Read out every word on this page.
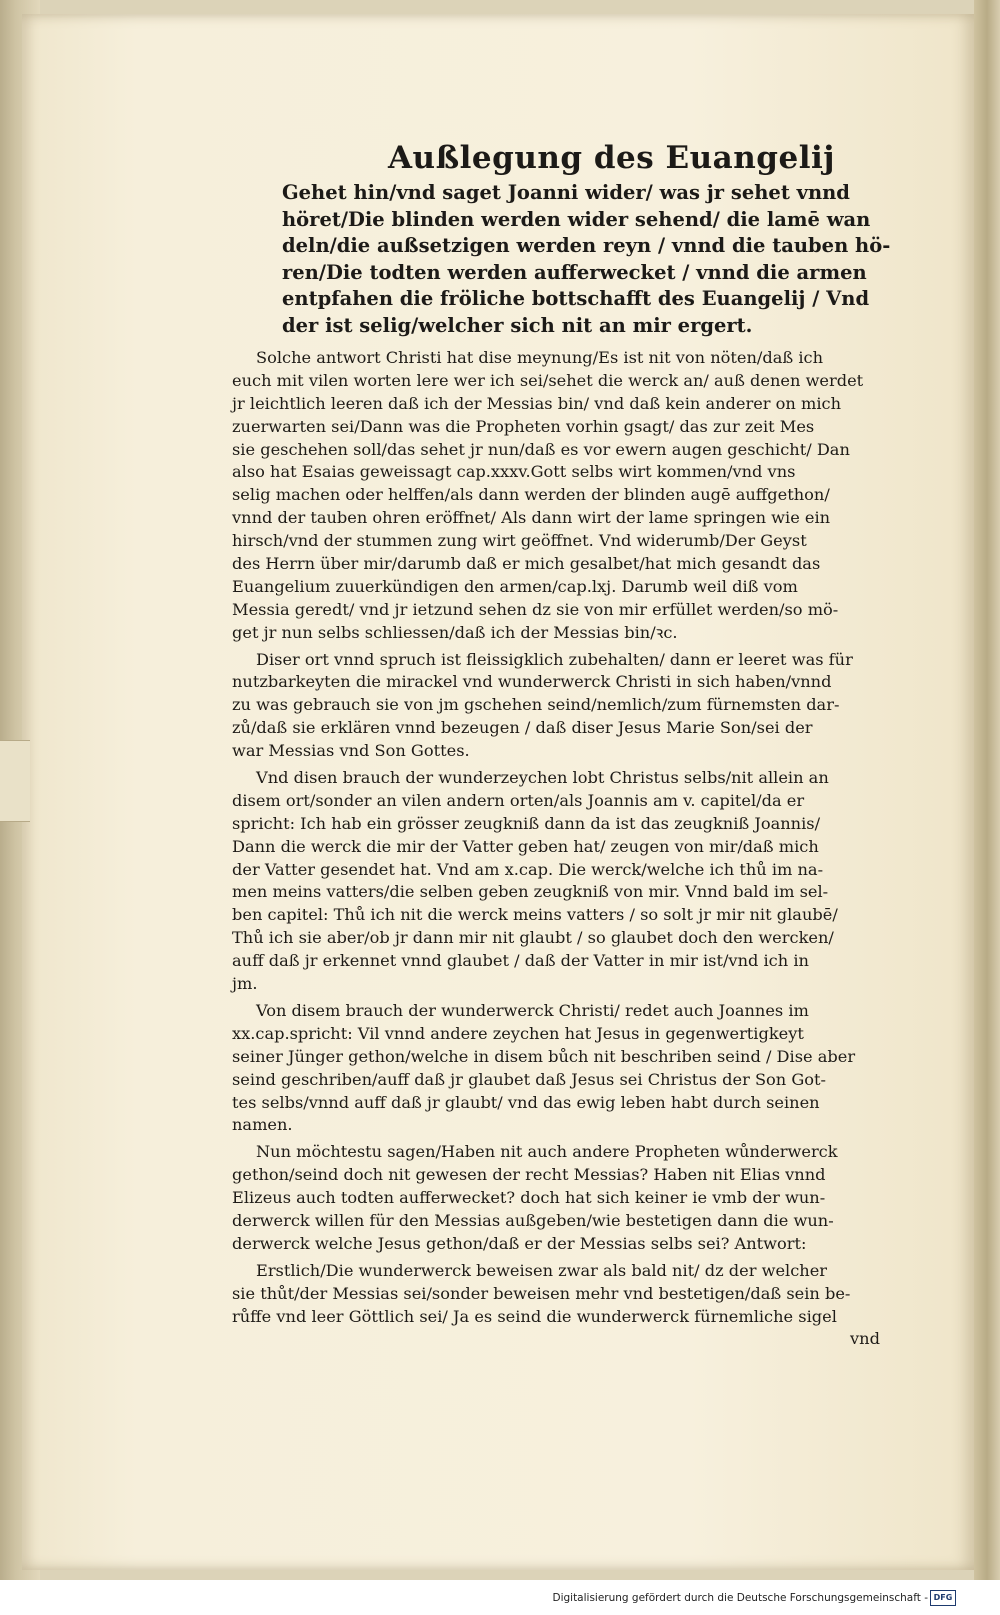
Außlegung des Euangelij
Gehet hin/vnd saget Joanni wider/ was jr sehet vnnd
höret/Die blinden werden wider sehend/ die lamē wan
deln/die außsetzigen werden reyn / vnnd die tauben hö-
ren/Die todten werden aufferwecket / vnnd die armen
entpfahen die fröliche bottschafft des Euangelij / Vnd
der ist selig/welcher sich nit an mir ergert.
Solche antwort Christi hat dise meynung/Es ist nit von nöten/daß ich
euch mit vilen worten lere wer ich sei/sehet die werck an/ auß denen werdet
jr leichtlich leeren daß ich der Messias bin/ vnd daß kein anderer on mich
zuerwarten sei/Dann was die Propheten vorhin gsagt/ das zur zeit Mes
sie geschehen soll/das sehet jr nun/daß es vor ewern augen geschicht/ Dan
also hat Esaias geweissagt cap.xxxv.Gott selbs wirt kommen/vnd vns
selig machen oder helffen/als dann werden der blinden augē auffgethon/
vnnd der tauben ohren eröffnet/ Als dann wirt der lame springen wie ein
hirsch/vnd der stummen zung wirt geöffnet. Vnd widerumb/Der Geyst
des Herrn über mir/darumb daß er mich gesalbet/hat mich gesandt das
Euangelium zuuerkündigen den armen/cap.lxj. Darumb weil diß vom
Messia geredt/ vnd jr ietzund sehen dz sie von mir erfüllet werden/so mö-
get jr nun selbs schliessen/daß ich der Messias bin/ꝛc.
Diser ort vnnd spruch ist fleissigklich zubehalten/ dann er leeret was für
nutzbarkeyten die mirackel vnd wunderwerck Christi in sich haben/vnnd
zu was gebrauch sie von jm gschehen seind/nemlich/zum fürnemsten dar-
zů/daß sie erklären vnnd bezeugen / daß diser Jesus Marie Son/sei der
war Messias vnd Son Gottes.
Vnd disen brauch der wunderzeychen lobt Christus selbs/nit allein an
disem ort/sonder an vilen andern orten/als Joannis am v. capitel/da er
spricht: Ich hab ein grösser zeugkniß dann da ist das zeugkniß Joannis/
Dann die werck die mir der Vatter geben hat/ zeugen von mir/daß mich
der Vatter gesendet hat. Vnd am x.cap. Die werck/welche ich thů im na-
men meins vatters/die selben geben zeugkniß von mir. Vnnd bald im sel-
ben capitel: Thů ich nit die werck meins vatters / so solt jr mir nit glaubē/
Thů ich sie aber/ob jr dann mir nit glaubt / so glaubet doch den wercken/
auff daß jr erkennet vnnd glaubet / daß der Vatter in mir ist/vnd ich in
jm.
Von disem brauch der wunderwerck Christi/ redet auch Joannes im
xx.cap.spricht: Vil vnnd andere zeychen hat Jesus in gegenwertigkeyt
seiner Jünger gethon/welche in disem bůch nit beschriben seind / Dise aber
seind geschriben/auff daß jr glaubet daß Jesus sei Christus der Son Got-
tes selbs/vnnd auff daß jr glaubt/ vnd das ewig leben habt durch seinen
namen.
Nun möchtestu sagen/Haben nit auch andere Propheten wůnderwerck
gethon/seind doch nit gewesen der recht Messias? Haben nit Elias vnnd
Elizeus auch todten aufferwecket? doch hat sich keiner ie vmb der wun-
derwerck willen für den Messias außgeben/wie bestetigen dann die wun-
derwerck welche Jesus gethon/daß er der Messias selbs sei? Antwort:
Erstlich/Die wunderwerck beweisen zwar als bald nit/ dz der welcher
sie thůt/der Messias sei/sonder beweisen mehr vnd bestetigen/daß sein be-
růffe vnd leer Göttlich sei/ Ja es seind die wunderwerck fürnemliche sigel
vnd
Digitalisierung gefördert durch die Deutsche Forschungsgemeinschaft - DFG
